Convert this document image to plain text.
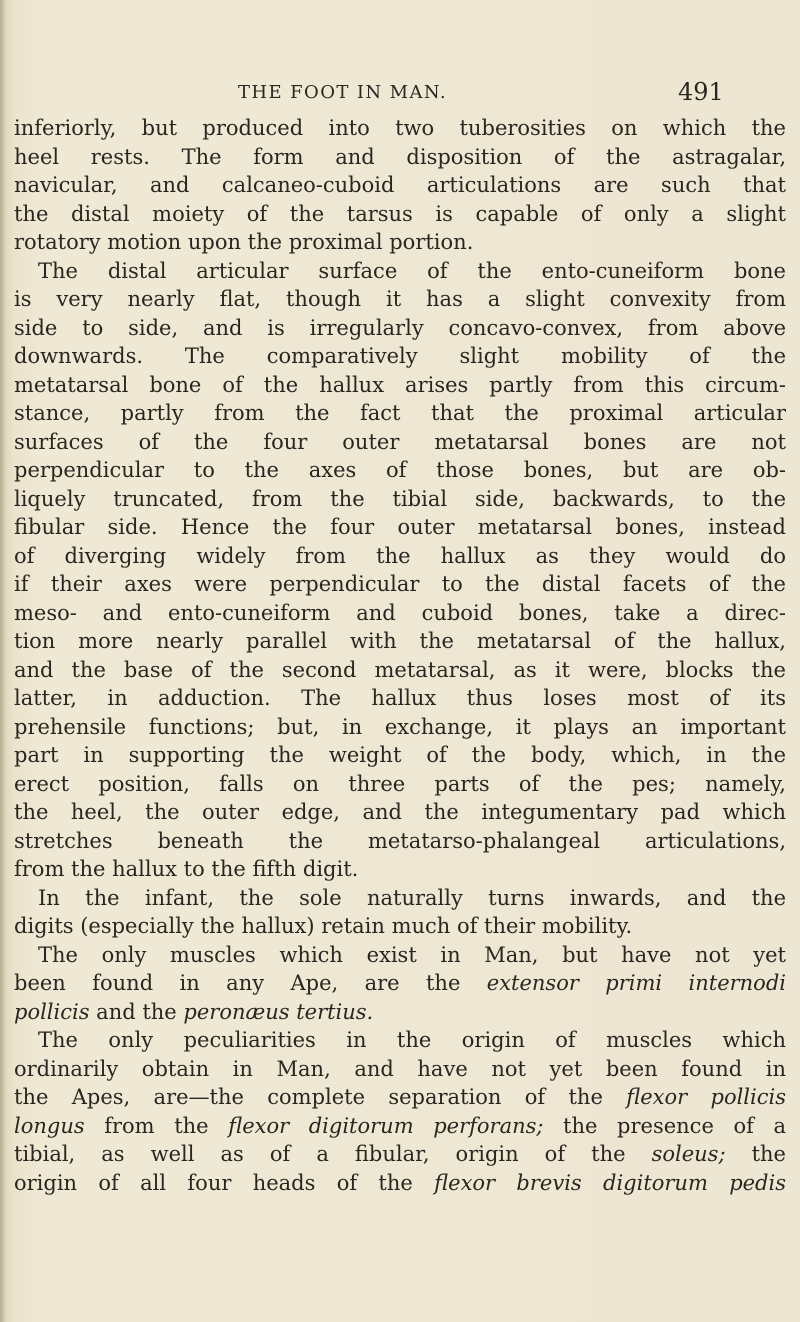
THE FOOT IN MAN.	491
inferiorly, but produced into two tuberosities on which the
heel rests. The form and disposition of the astragalar,
navicular, and calcaneo-cuboid articulations are such that
the distal moiety of the tarsus is capable of only a slight
rotatory motion upon the proximal portion.
The distal articular surface of the ento-cuneiform bone
is very nearly flat, though it has a slight convexity from
side to side, and is irregularly concavo-convex, from above
downwards. The comparatively slight mobility of the
metatarsal bone of the hallux arises partly from this circum-
stance, partly from the fact that the proximal articular
surfaces of the four outer metatarsal bones are not
perpendicular to the axes of those bones, but are ob-
liquely truncated, from the tibial side, backwards, to the
fibular side. Hence the four outer metatarsal bones, instead
of diverging widely from the hallux as they would do
if their axes were perpendicular to the distal facets of the
meso- and ento-cuneiform and cuboid bones, take a direc-
tion more nearly parallel with the metatarsal of the hallux,
and the base of the second metatarsal, as it were, blocks the
latter, in adduction. The hallux thus loses most of its
prehensile functions; but, in exchange, it plays an important
part in supporting the weight of the body, which, in the
erect position, falls on three parts of the pes; namely,
the heel, the outer edge, and the integumentary pad which
stretches beneath the metatarso-phalangeal articulations,
from the hallux to the fifth digit.
In the infant, the sole naturally turns inwards, and the
digits (especially the hallux) retain much of their mobility.
The only muscles which exist in Man, but have not yet
been found in any Ape, are the extensor primi internodi
pollicis and the peronæus tertius.
The only peculiarities in the origin of muscles which
ordinarily obtain in Man, and have not yet been found in
the Apes, are—the complete separation of the flexor pollicis
longus from the flexor digitorum perforans; the presence of a
tibial, as well as of a fibular, origin of the soleus; the
origin of all four heads of the flexor brevis digitorum pedis
